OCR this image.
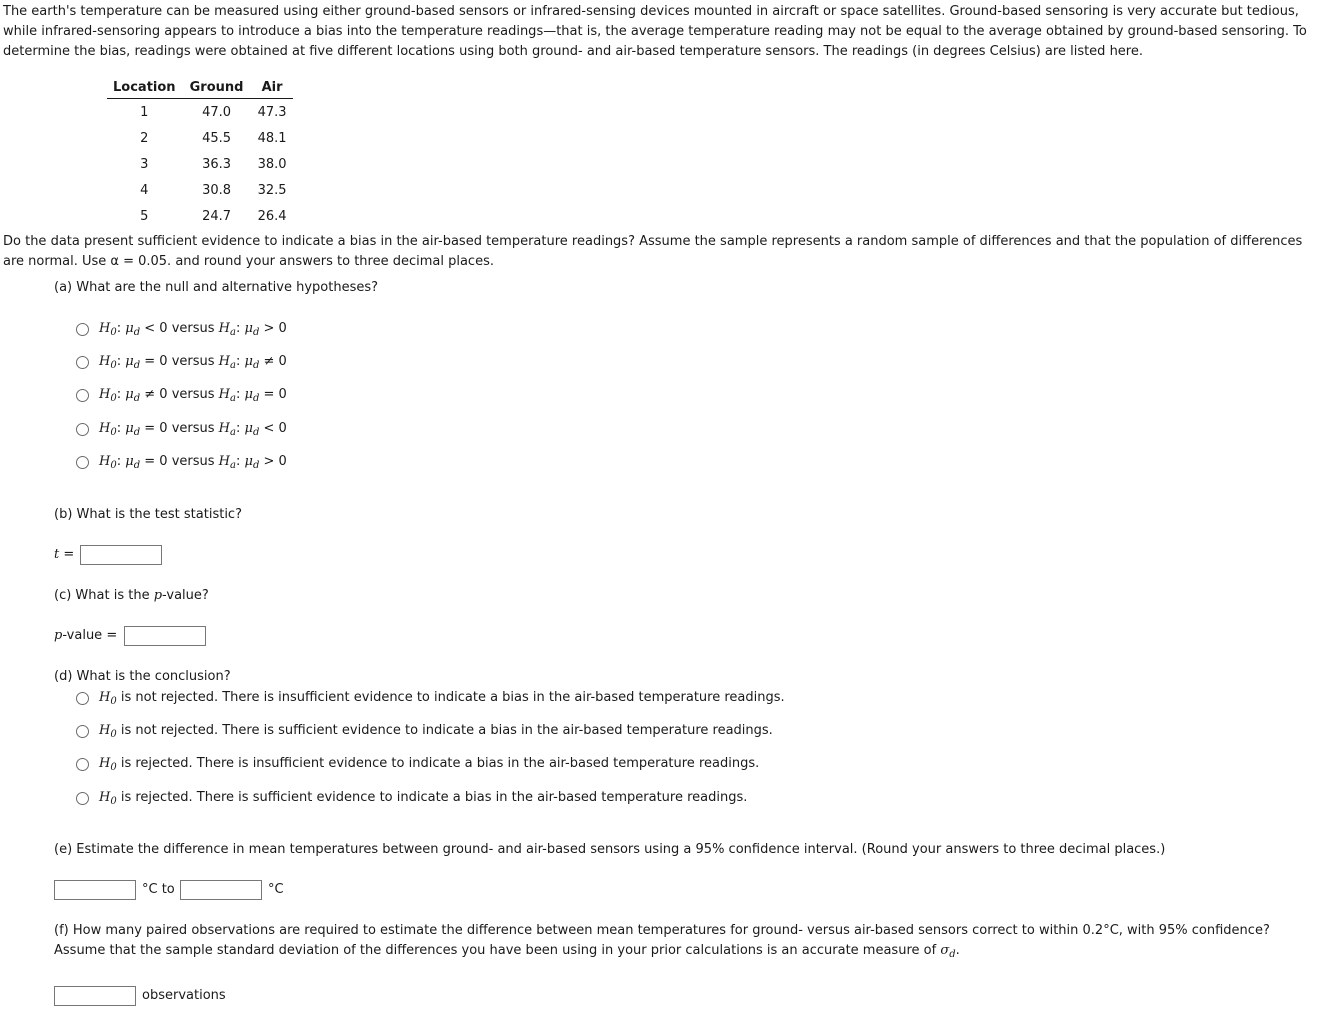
The earth's temperature can be measured using either ground-based sensors or infrared-sensing devices mounted in aircraft or space satellites. Ground-based sensoring is very accurate but tedious, while infrared-sensoring appears to introduce a bias into the temperature readings—that is, the average temperature reading may not be equal to the average obtained by ground-based sensoring. To determine the bias, readings were obtained at five different locations using both ground- and air-based temperature sensors. The readings (in degrees Celsius) are listed here.
Location	Ground	Air
1	47.0	47.3
2	45.5	48.1
3	36.3	38.0
4	30.8	32.5
5	24.7	26.4
Do the data present sufficient evidence to indicate a bias in the air-based temperature readings? Assume the sample represents a random sample of differences and that the population of differences are normal. Use α = 0.05. and round your answers to three decimal places.
(a) What are the null and alternative hypotheses?
$H_0$: $\mu_d < 0$ versus $H_a$: $\mu_d > 0$
$H_0$: $\mu_d = 0$ versus $H_a$: $\mu_d \ne 0$
$H_0$: $\mu_d \ne 0$ versus $H_a$: $\mu_d = 0$
$H_0$: $\mu_d = 0$ versus $H_a$: $\mu_d < 0$
$H_0$: $\mu_d = 0$ versus $H_a$: $\mu_d > 0$
(b) What is the test statistic?
t =
(c) What is the p-value?
p-value =
(d) What is the conclusion?
$H_0$ is not rejected. There is insufficient evidence to indicate a bias in the air-based temperature readings.
$H_0$ is not rejected. There is sufficient evidence to indicate a bias in the air-based temperature readings.
$H_0$ is rejected. There is insufficient evidence to indicate a bias in the air-based temperature readings.
$H_0$ is rejected. There is sufficient evidence to indicate a bias in the air-based temperature readings.
(e) Estimate the difference in mean temperatures between ground- and air-based sensors using a 95% confidence interval. (Round your answers to three decimal places.)
°C to	°C
(f) How many paired observations are required to estimate the difference between mean temperatures for ground- versus air-based sensors correct to within 0.2°C, with 95% confidence?
Assume that the sample standard deviation of the differences you have been using in your prior calculations is an accurate measure of $\sigma_d$.
observations
